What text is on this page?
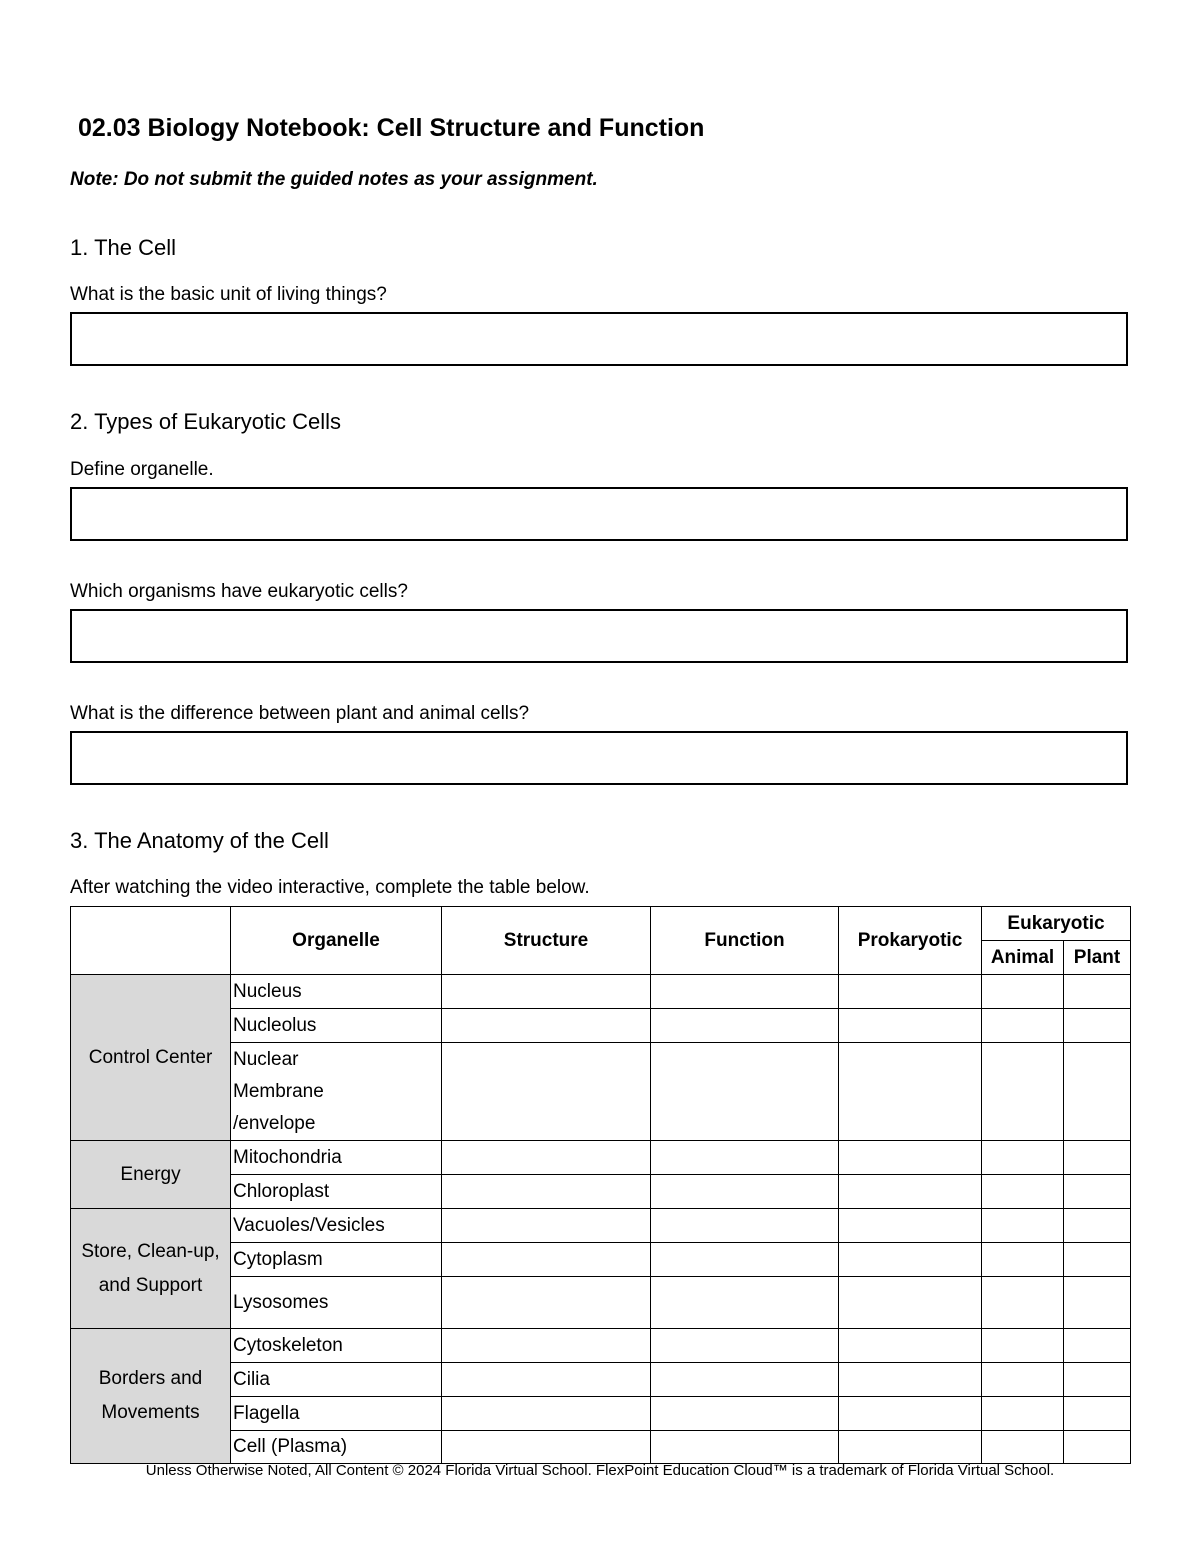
02.03 Biology Notebook: Cell Structure and Function
Note: Do not submit the guided notes as your assignment.
1. The Cell
What is the basic unit of living things?
2. Types of Eukaryotic Cells
Define organelle.
Which organisms have eukaryotic cells?
What is the difference between plant and animal cells?
3. The Anatomy of the Cell
After watching the video interactive, complete the table below.
	Organelle	Structure	Function	Prokaryotic	Eukaryotic	
					Animal	Plant
Control Center	Nucleus					
	Nucleolus					

	Nuclear Membrane /envelope					

Energy	Mitochondria					
	Chloroplast					
Store, Clean-up, and Support	Vacuoles/Vesicles					
	Cytoplasm					
	Lysosomes					
Borders and Movements	Cytoskeleton					
	Cilia					
	Flagella					
	Cell (Plasma)					
Unless Otherwise Noted, All Content © 2024 Florida Virtual School. FlexPoint Education Cloud™ is a trademark of Florida Virtual School.
